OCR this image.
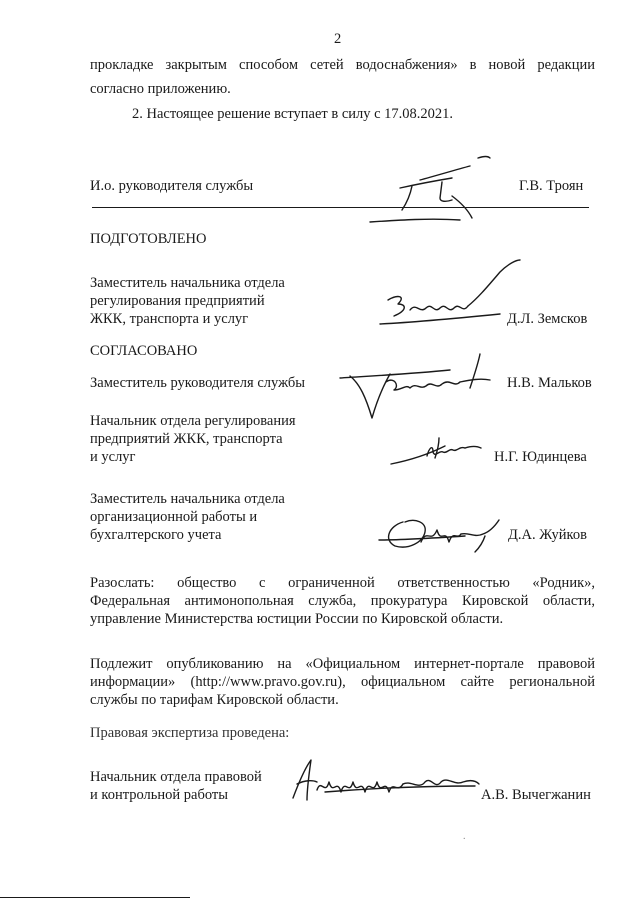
2
прокладке закрытым способом сетей водоснабжения» в новой редакции
согласно приложению.
2. Настоящее решение вступает в силу с 17.08.2021.
И.о. руководителя службы	Г.В. Троян
ПОДГОТОВЛЕНО
Заместитель начальника отдела
регулирования предприятий
ЖКК, транспорта и услуг	Д.Л. Земсков
СОГЛАСОВАНО
Заместитель руководителя службы	Н.В. Мальков
Начальник отдела регулирования
предприятий ЖКК, транспорта
и услуг	Н.Г. Юдинцева
Заместитель начальника отдела
организационной работы и
бухгалтерского учета	Д.А. Жуйков
Разослать: общество с ограниченной ответственностью «Родник»,
Федеральная антимонопольная служба, прокуратура Кировской области,
управление Министерства юстиции России по Кировской области.
Подлежит опубликованию на «Официальном интернет-портале правовой
информации» (http://www.pravo.gov.ru), официальном сайте региональной
службы по тарифам Кировской области.
Правовая экспертиза проведена:
Начальник отдела правовой
и контрольной работы	А.В. Вычегжанин
.
